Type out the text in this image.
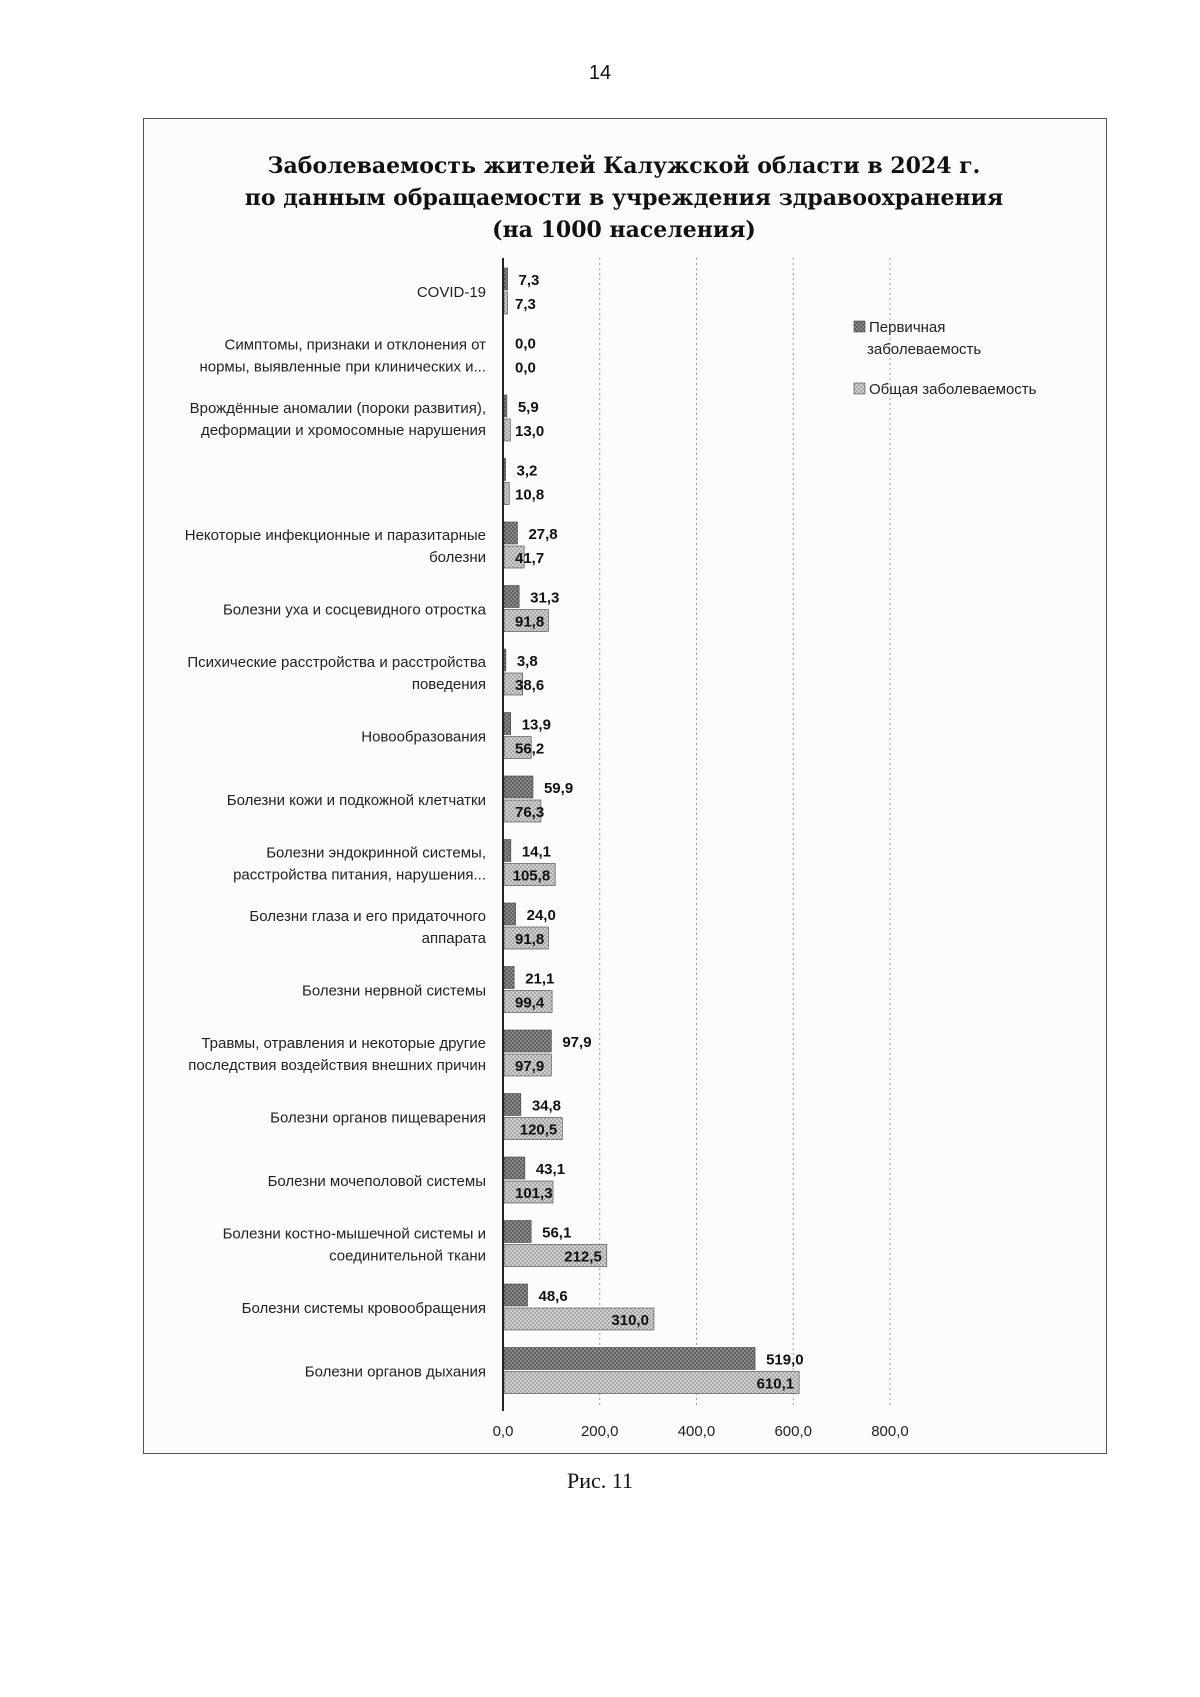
14
Заболеваемость жителей Калужской области в 2024 г.
по данным обращаемости в учреждения здравоохранения
(на 1000 населения)
COVID-19
7,3
7,3
Симптомы, признаки и отклонения от нормы, выявленные при клинических и...
0,0
0,0
Врождённые аномалии (пороки развития), деформации и хромосомные нарушения
5,9
13,0
3,2
10,8
Некоторые инфекционные и паразитарные болезни
27,8
41,7
Болезни уха и сосцевидного отростка
31,3
91,8
Психические расстройства и расстройства поведения
3,8
38,6
Новообразования
13,9
56,2
Болезни кожи и подкожной клетчатки
59,9
76,3
Болезни эндокринной системы, расстройства питания, нарушения...
14,1
105,8
Болезни глаза и его придаточного аппарата
24,0
91,8
Болезни нервной системы
21,1
99,4
Травмы, отравления и некоторые другие последствия воздействия внешних причин
97,9
97,9
Болезни органов пищеварения
34,8
120,5
Болезни мочеполовой системы
43,1
101,3
Болезни костно-мышечной системы и соединительной ткани
56,1
212,5
Болезни системы кровообращения
48,6
310,0
Болезни органов дыхания
519,0
610,1
0,0	200,0	400,0	600,0	800,0
Первичная заболеваемость
Общая заболеваемость
Рис. 11
